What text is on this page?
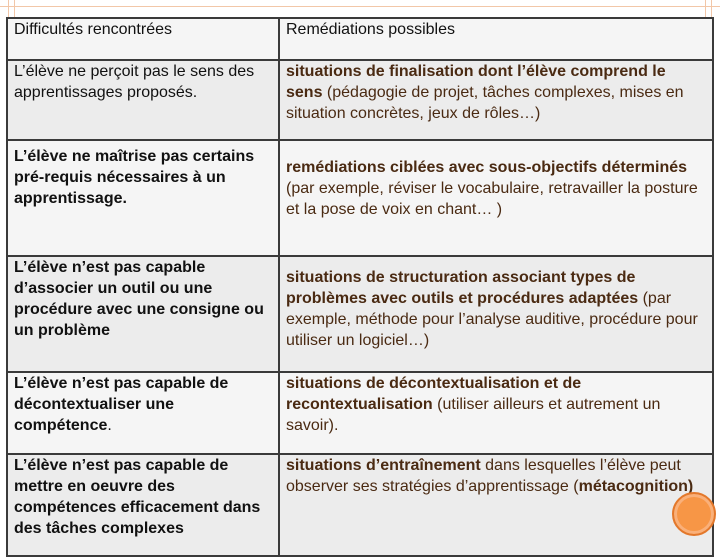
Difficultés rencontrées	Remédiations possibles
L’élève ne perçoit pas le sens des apprentissages proposés.	situations de finalisation dont l’élève comprend le sens (pédagogie de projet, tâches complexes, mises en situation concrètes, jeux de rôles…)
L’élève ne maîtrise pas certains pré-requis nécessaires à un apprentissage.	remédiations ciblées avec sous-objectifs déterminés (par exemple, réviser le vocabulaire, retravailler la posture et la pose de voix en chant… )
L’élève n’est pas capable d’associer un outil ou une procédure avec une consigne ou un problème	situations de structuration associant types de problèmes avec outils et procédures adaptées (par exemple, méthode pour l’analyse auditive, procédure pour utiliser un logiciel…)
L’élève n’est pas capable de décontextualiser une compétence.	situations de décontextualisation et de recontextualisation (utiliser ailleurs et autrement un savoir).
L’élève n’est pas capable de mettre en oeuvre des compétences efficacement dans des tâches complexes	situations d’entraînement dans lesquelles l’élève peut observer ses stratégies d’apprentissage (métacognition)
